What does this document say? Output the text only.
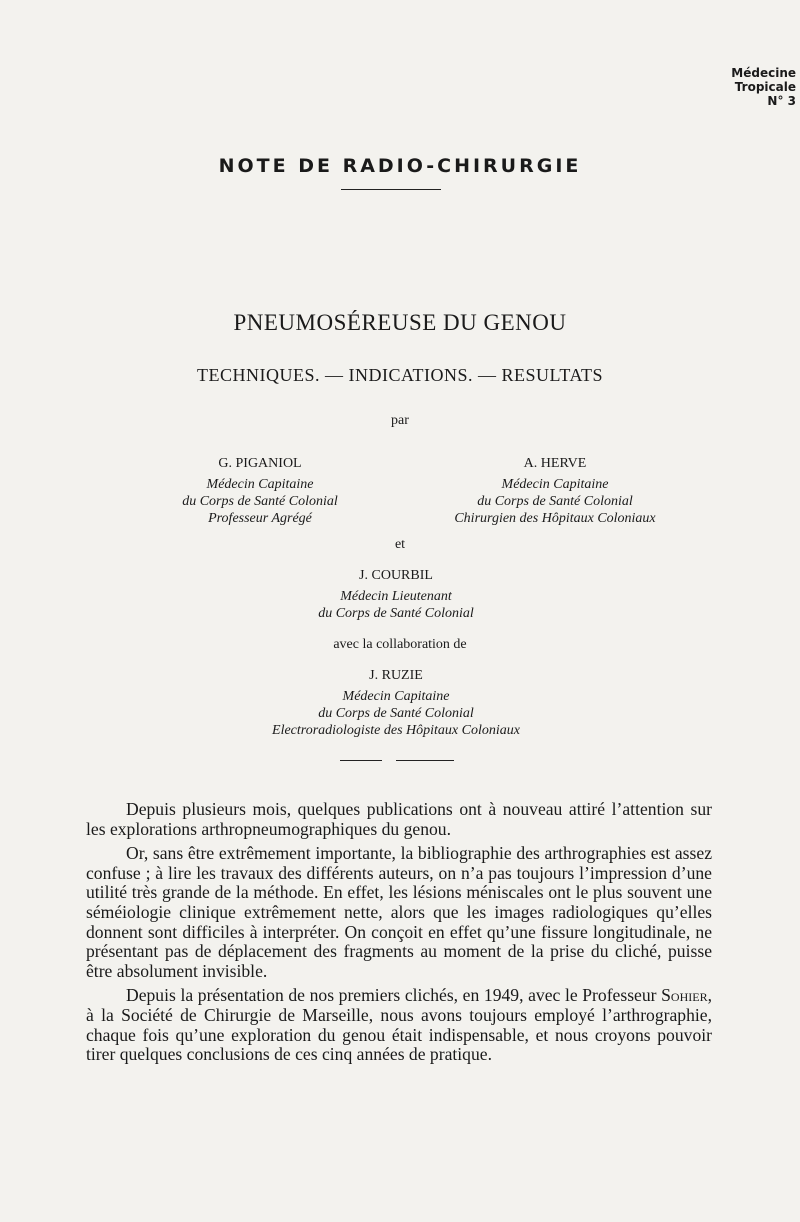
Médecine
Tropicale
N° 3
NOTE DE RADIO-CHIRURGIE
PNEUMOSÉREUSE DU GENOU
TECHNIQUES. — INDICATIONS. — RESULTATS
par
G. PIGANIOL
Médecin Capitaine
du Corps de Santé Colonial
Professeur Agrégé
A. HERVE
Médecin Capitaine
du Corps de Santé Colonial
Chirurgien des Hôpitaux Coloniaux
et
J. COURBIL
Médecin Lieutenant
du Corps de Santé Colonial
avec la collaboration de
J. RUZIE
Médecin Capitaine
du Corps de Santé Colonial
Electroradiologiste des Hôpitaux Coloniaux

Depuis plusieurs mois, quelques publications ont à nouveau attiré l’attention sur les explorations arthropneumographiques du genou.

Or, sans être extrêmement importante, la bibliographie des arthrographies est assez confuse ; à lire les travaux des différents auteurs, on n’a pas toujours l’impression d’une utilité très grande de la méthode. En effet, les lésions méniscales ont le plus souvent une séméiologie clinique extrêmement nette, alors que les images radiologiques qu’elles donnent sont difficiles à interpréter. On conçoit en effet qu’une fissure longitudinale, ne présentant pas de déplacement des fragments au moment de la prise du cliché, puisse être absolument invisible.

Depuis la présentation de nos premiers clichés, en 1949, avec le Professeur Sohier, à la Société de Chirurgie de Marseille, nous avons toujours employé l’arthrographie, chaque fois qu’une exploration du genou était indispensable, et nous croyons pouvoir tirer quelques conclusions de ces cinq années de pratique.
